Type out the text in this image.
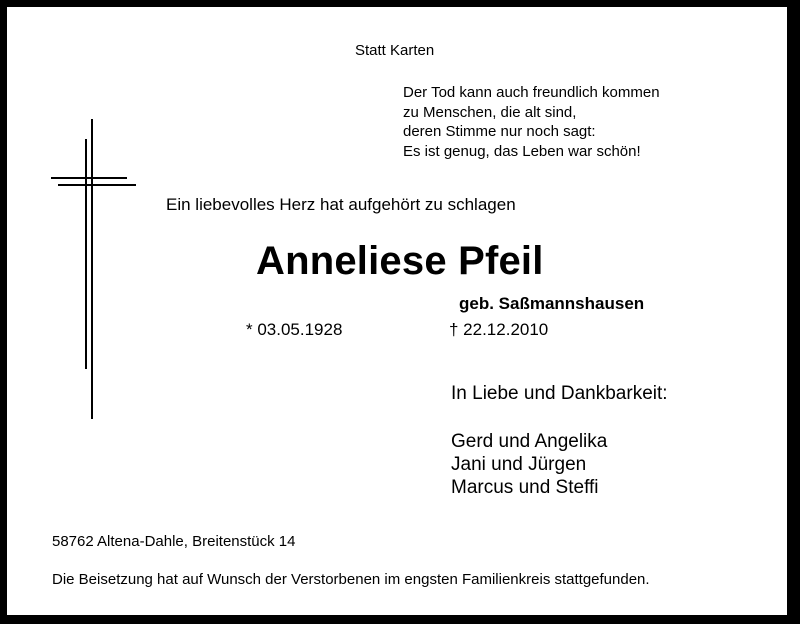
Statt Karten
Der Tod kann auch freundlich kommen
zu Menschen, die alt sind,
deren Stimme nur noch sagt:
Es ist genug, das Leben war schön!
Ein liebevolles Herz hat aufgehört zu schlagen
Anneliese Pfeil
geb. Saßmannshausen
* 03.05.1928	† 22.12.2010
In Liebe und Dankbarkeit:
Gerd und Angelika
Jani und Jürgen
Marcus und Steffi
58762 Altena-Dahle, Breitenstück 14
Die Beisetzung hat auf Wunsch der Verstorbenen im engsten Familienkreis stattgefunden.
